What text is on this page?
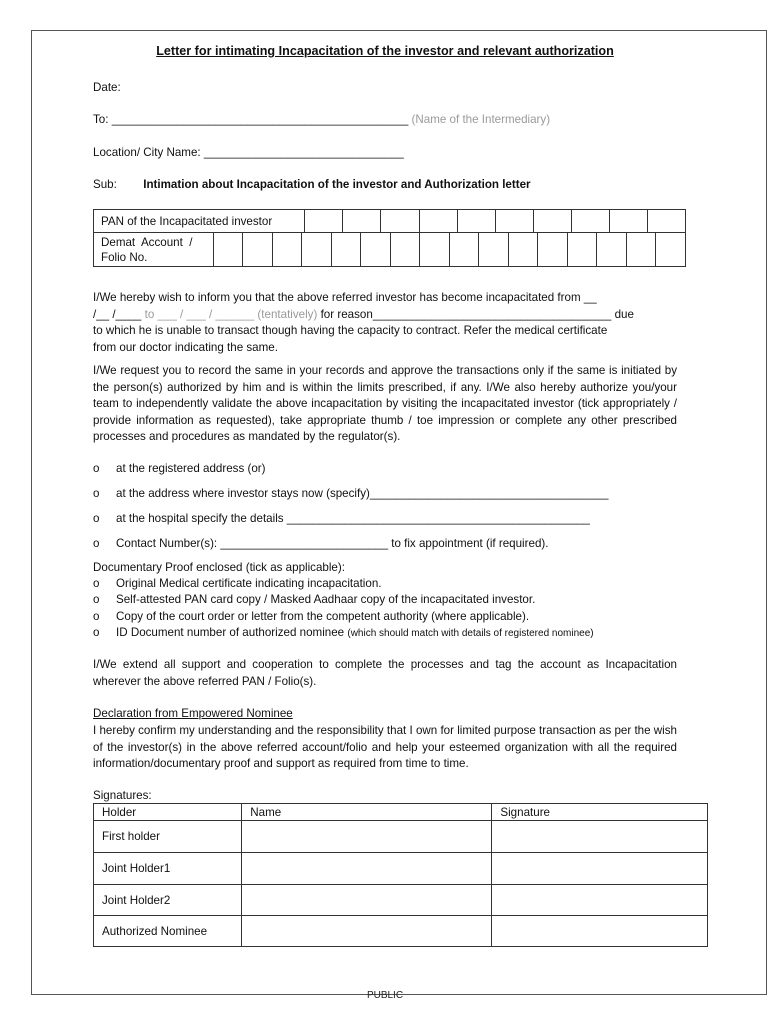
Letter for intimating Incapacitation of the investor and relevant authorization
Date:
To: ______________________________________________ (Name of the Intermediary)
Location/ City Name: _______________________________
Sub: Intimation about Incapacitation of the investor and Authorization letter
PAN of the Incapacitated investor										
Demat  Account  /
Folio No.

I/We hereby wish to inform you that the above referred investor has become incapacitated from __
/__ /____ to ___ / ___ / ______ (tentatively) for reason_____________________________________ due
to which he is unable to transact though having the capacity to contract. Refer the medical certificate
from our doctor indicating the same.
I/We request you to record the same in your records and approve the transactions only if the same is initiated by the person(s) authorized by him and is within the limits prescribed, if any. I/We also hereby authorize you/your team to independently validate the above incapacitation by visiting the incapacitated investor (tick appropriately / provide information as requested), take appropriate thumb / toe impression or complete any other prescribed processes and procedures as mandated by the regulator(s).
o at the registered address (or)
o at the address where investor stays now (specify)_____________________________________
o at the hospital specify the details _______________________________________________
o Contact Number(s): __________________________ to fix appointment (if required).
Documentary Proof enclosed (tick as applicable):
o Original Medical certificate indicating incapacitation.
o Self-attested PAN card copy / Masked Aadhaar copy of the incapacitated investor.
o Copy of the court order or letter from the competent authority (where applicable).
o ID Document number of authorized nominee (which should match with details of registered nominee)
I/We extend all support and cooperation to complete the processes and tag the account as Incapacitation wherever the above referred PAN / Folio(s).
Declaration from Empowered Nominee
I hereby confirm my understanding and the responsibility that I own for limited purpose transaction as per the wish of the investor(s) in the above referred account/folio and help your esteemed organization with all the required information/documentary proof and support as required from time to time.
Signatures:
Holder	Name	Signature
First holder		
Joint Holder1		
Joint Holder2		
Authorized Nominee		
PUBLIC
